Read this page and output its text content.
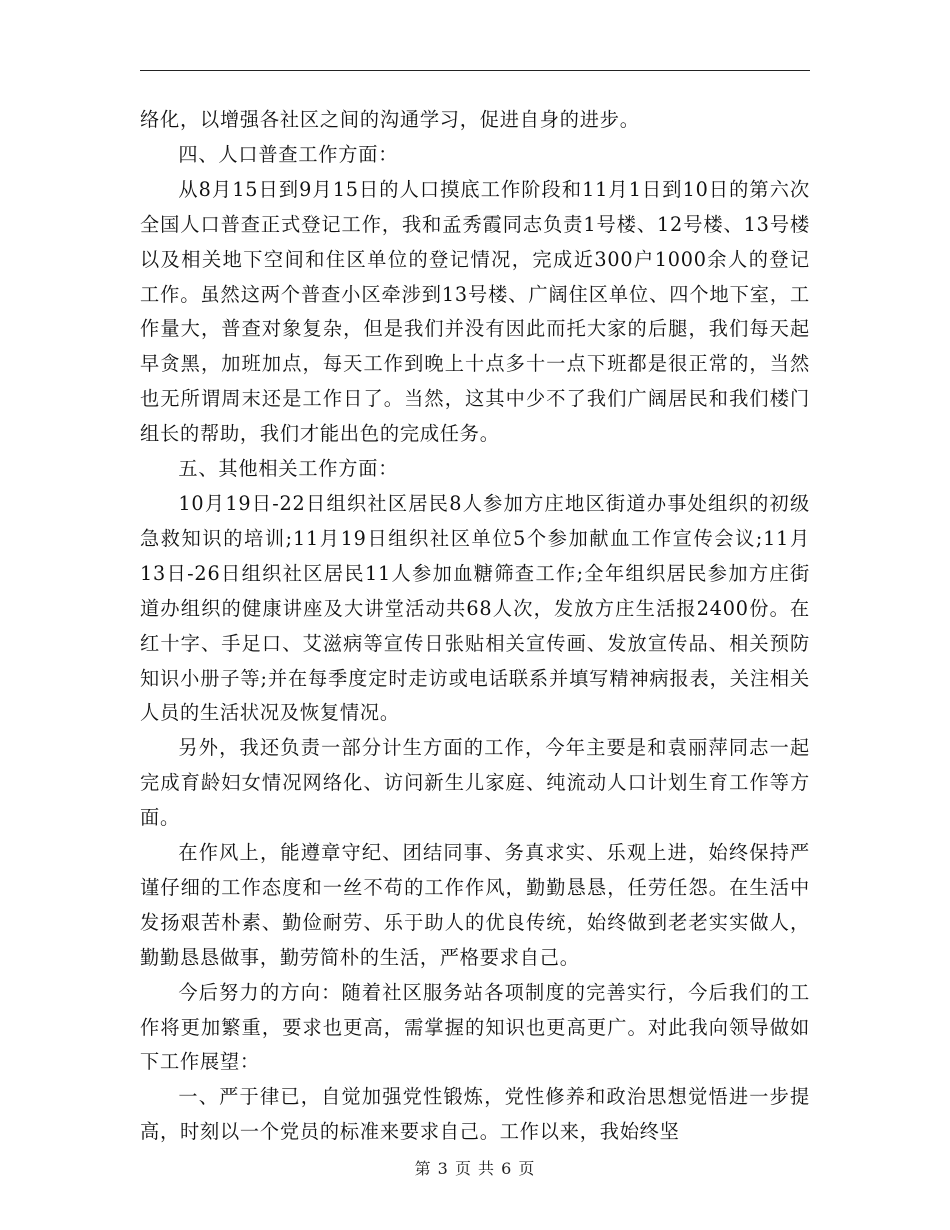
络化，以增强各社区之间的沟通学习，促进自身的进步。

四、人口普查工作方面：

从8月15日到9月15日的人口摸底工作阶段和11月1日到10日的第六次全国人口普查正式登记工作，我和孟秀霞同志负责1号楼、12号楼、13号楼以及相关地下空间和住区单位的登记情况，完成近300户1000余人的登记工作。虽然这两个普查小区牵涉到13号楼、广阔住区单位、四个地下室，工作量大，普查对象复杂，但是我们并没有因此而托大家的后腿，我们每天起早贪黑，加班加点，每天工作到晚上十点多十一点下班都是很正常的，当然也无所谓周末还是工作日了。当然，这其中少不了我们广阔居民和我们楼门组长的帮助，我们才能出色的完成任务。

五、其他相关工作方面：

10月19日-22日组织社区居民8人参加方庄地区街道办事处组织的初级急救知识的培训;11月19日组织社区单位5个参加献血工作宣传会议;11月13日-26日组织社区居民11人参加血糖筛查工作;全年组织居民参加方庄街道办组织的健康讲座及大讲堂活动共68人次，发放方庄生活报2400份。在红十字、手足口、艾滋病等宣传日张贴相关宣传画、发放宣传品、相关预防知识小册子等;并在每季度定时走访或电话联系并填写精神病报表，关注相关人员的生活状况及恢复情况。

另外，我还负责一部分计生方面的工作，今年主要是和袁丽萍同志一起完成育龄妇女情况网络化、访问新生儿家庭、纯流动人口计划生育工作等方面。

在作风上，能遵章守纪、团结同事、务真求实、乐观上进，始终保持严谨仔细的工作态度和一丝不苟的工作作风，勤勤恳恳，任劳任怨。在生活中发扬艰苦朴素、勤俭耐劳、乐于助人的优良传统，始终做到老老实实做人，勤勤恳恳做事，勤劳简朴的生活，严格要求自己。

今后努力的方向：随着社区服务站各项制度的完善实行，今后我们的工作将更加繁重，要求也更高，需掌握的知识也更高更广。对此我向领导做如下工作展望：

一、严于律已，自觉加强党性锻炼，党性修养和政治思想觉悟进一步提高，时刻以一个党员的标准来要求自己。工作以来，我始终坚

第 3 页 共 6 页
